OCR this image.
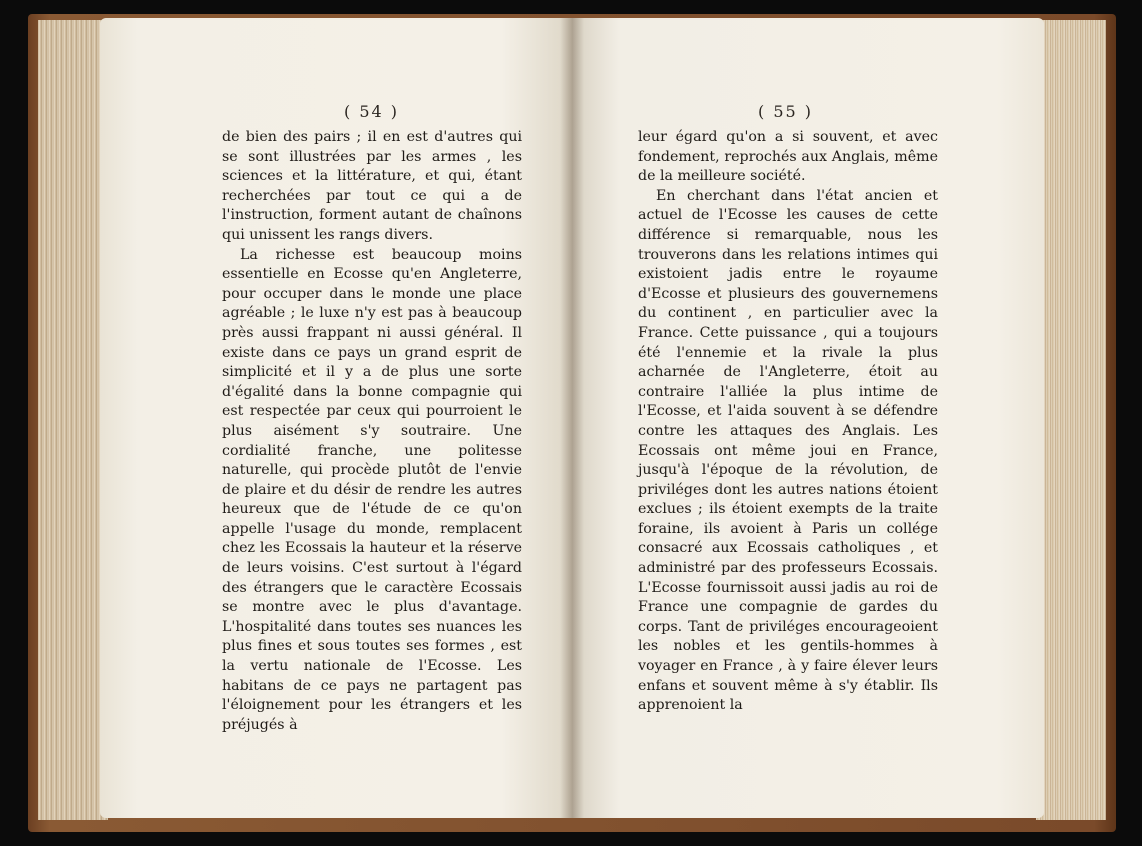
( 54 )

de bien des pairs ; il en est d'autres qui se sont illustrées par les armes , les sciences et la littérature, et qui, étant recherchées par tout ce qui a de l'instruction, forment autant de chaînons qui unissent les rangs divers.

La richesse est beaucoup moins essentielle en Ecosse qu'en Angleterre, pour occuper dans le monde une place agréable ; le luxe n'y est pas à beaucoup près aussi frappant ni aussi général. Il existe dans ce pays un grand esprit de simplicité et il y a de plus une sorte d'égalité dans la bonne compagnie qui est respectée par ceux qui pourroient le plus aisément s'y soutraire. Une cordialité franche, une politesse naturelle, qui procède plutôt de l'envie de plaire et du désir de rendre les autres heureux que de l'étude de ce qu'on appelle l'usage du monde, remplacent chez les Ecossais la hauteur et la réserve de leurs voisins. C'est surtout à l'égard des étrangers que le caractère Ecossais se montre avec le plus d'avantage. L'hospitalité dans toutes ses nuances les plus fines et sous toutes ses formes , est la vertu nationale de l'Ecosse. Les habitans de ce pays ne partagent pas l'éloignement pour les étrangers et les préjugés à

( 55 )

leur égard qu'on a si souvent, et avec fondement, reprochés aux Anglais, même de la meilleure société.

En cherchant dans l'état ancien et actuel de l'Ecosse les causes de cette différence si remarquable, nous les trouverons dans les relations intimes qui existoient jadis entre le royaume d'Ecosse et plusieurs des gouvernemens du continent , en particulier avec la France. Cette puissance , qui a toujours été l'ennemie et la rivale la plus acharnée de l'Angleterre, étoit au contraire l'alliée la plus intime de l'Ecosse, et l'aida souvent à se défendre contre les attaques des Anglais. Les Ecossais ont même joui en France, jusqu'à l'époque de la révolution, de priviléges dont les autres nations étoient exclues ; ils étoient exempts de la traite foraine, ils avoient à Paris un collége consacré aux Ecossais catholiques , et administré par des professeurs Ecossais. L'Ecosse fournissoit aussi jadis au roi de France une compagnie de gardes du corps. Tant de priviléges encourageoient les nobles et les gentils-hommes à voyager en France , à y faire élever leurs enfans et souvent même à s'y établir. Ils apprenoient la
